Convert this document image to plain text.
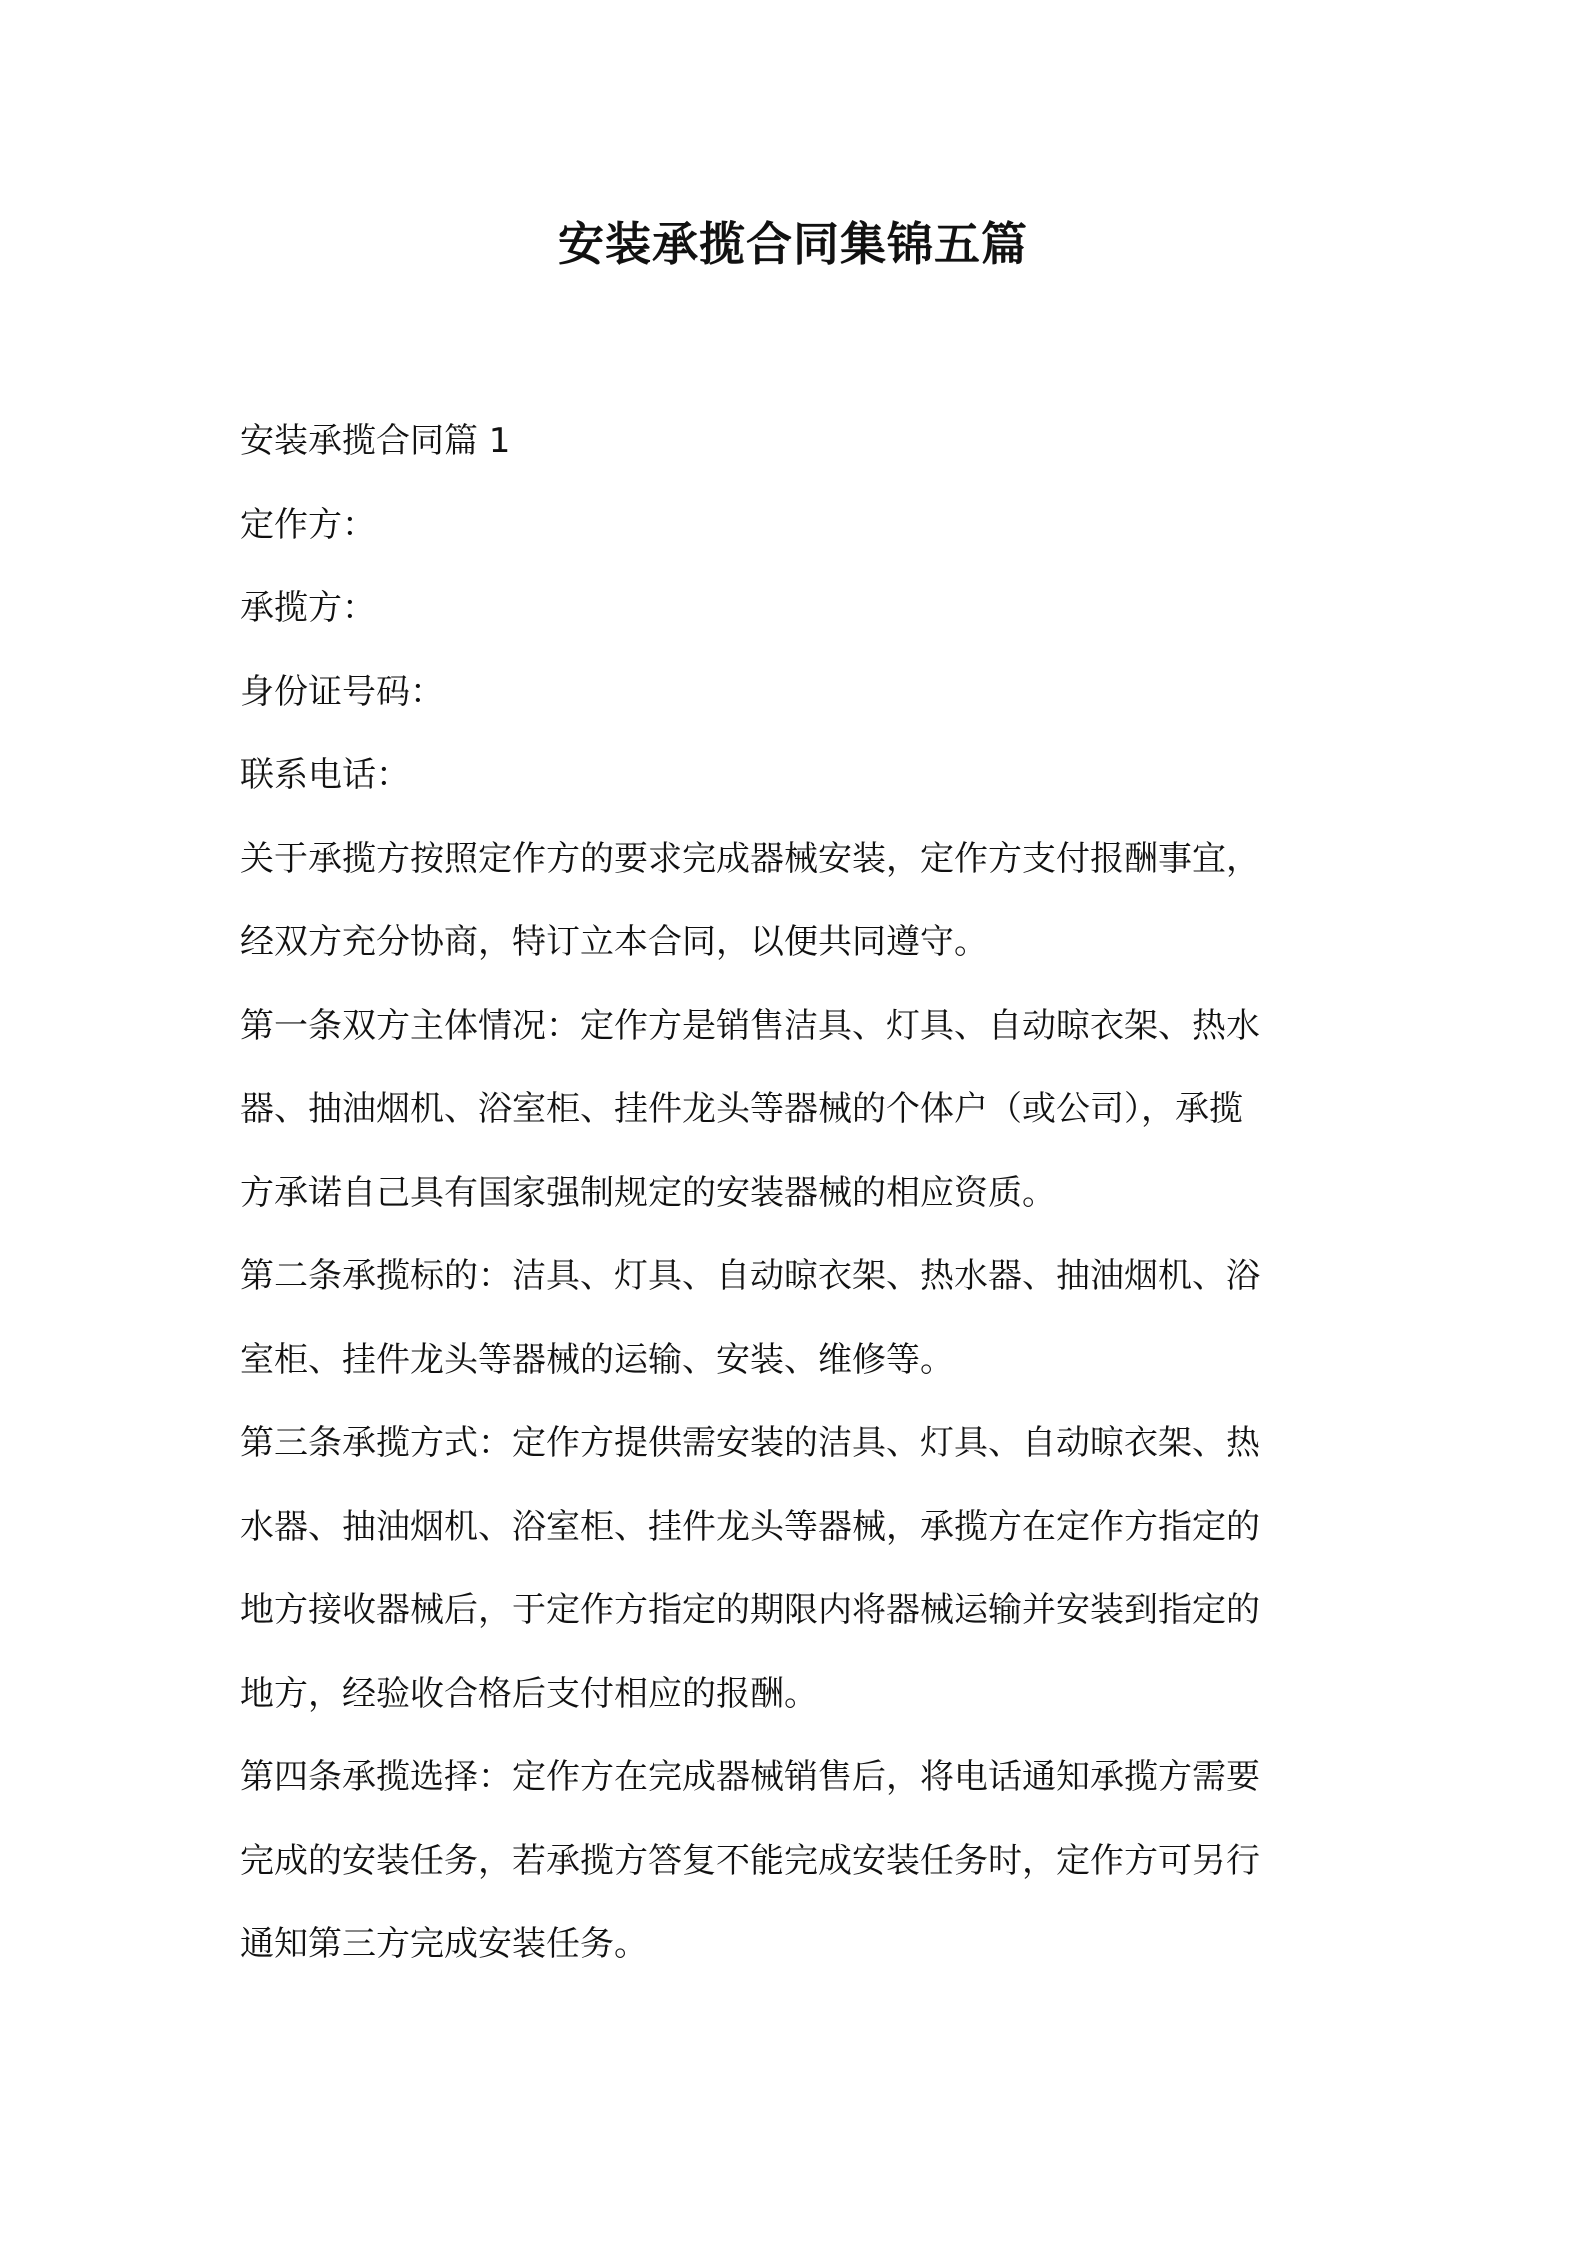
安装承揽合同集锦五篇
安装承揽合同篇 1
定作方：
承揽方：
身份证号码：
联系电话：
关于承揽方按照定作方的要求完成器械安装，定作方支付报酬事宜，
经双方充分协商，特订立本合同，以便共同遵守。
第一条双方主体情况：定作方是销售洁具、灯具、自动晾衣架、热水
器、抽油烟机、浴室柜、挂件龙头等器械的个体户（或公司），承揽
方承诺自己具有国家强制规定的安装器械的相应资质。
第二条承揽标的：洁具、灯具、自动晾衣架、热水器、抽油烟机、浴
室柜、挂件龙头等器械的运输、安装、维修等。
第三条承揽方式：定作方提供需安装的洁具、灯具、自动晾衣架、热
水器、抽油烟机、浴室柜、挂件龙头等器械，承揽方在定作方指定的
地方接收器械后，于定作方指定的期限内将器械运输并安装到指定的
地方，经验收合格后支付相应的报酬。
第四条承揽选择：定作方在完成器械销售后，将电话通知承揽方需要
完成的安装任务，若承揽方答复不能完成安装任务时，定作方可另行
通知第三方完成安装任务。
